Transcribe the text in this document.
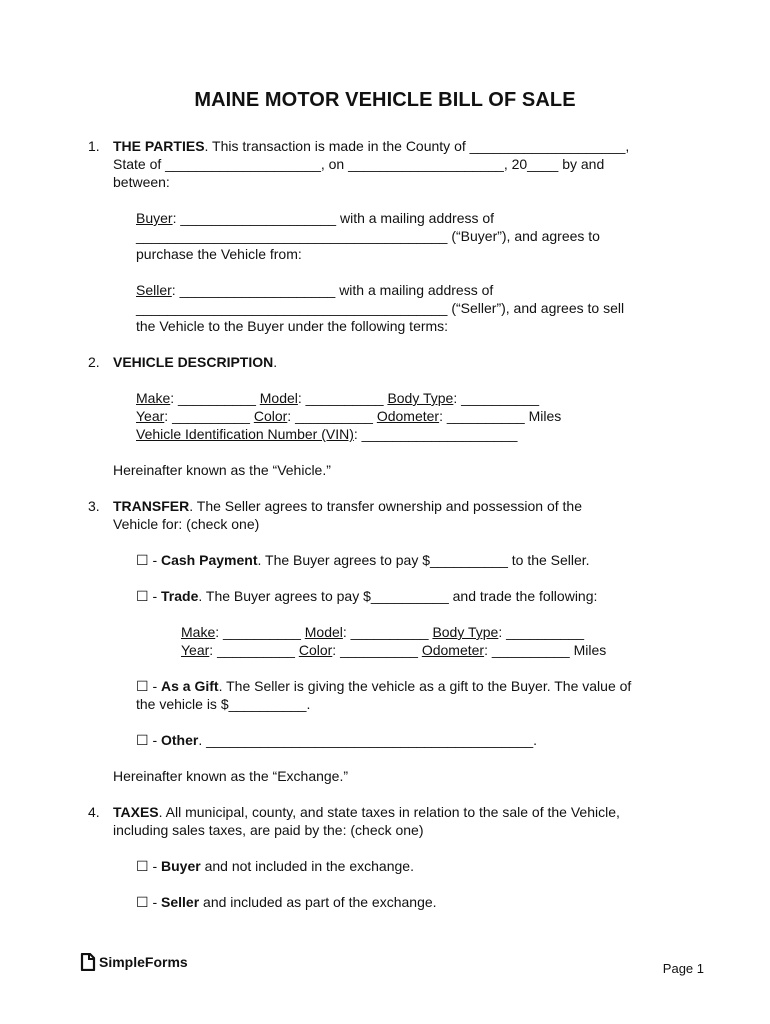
MAINE MOTOR VEHICLE BILL OF SALE
1. THE PARTIES. This transaction is made in the County of ____________________,
State of ____________________, on ____________________, 20____ by and
between:
Buyer: ____________________ with a mailing address of
________________________________________ (“Buyer”), and agrees to
purchase the Vehicle from:
Seller: ____________________ with a mailing address of
________________________________________ (“Seller”), and agrees to sell
the Vehicle to the Buyer under the following terms:
2. VEHICLE DESCRIPTION.
Make: __________ Model: __________ Body Type: __________
Year: __________ Color: __________ Odometer: __________ Miles
Vehicle Identification Number (VIN): ____________________
Hereinafter known as the “Vehicle.”
3. TRANSFER. The Seller agrees to transfer ownership and possession of the
Vehicle for: (check one)
☐ - Cash Payment. The Buyer agrees to pay $__________ to the Seller.
☐ - Trade. The Buyer agrees to pay $__________ and trade the following:
Make: __________ Model: __________ Body Type: __________
Year: __________ Color: __________ Odometer: __________ Miles
☐ - As a Gift. The Seller is giving the vehicle as a gift to the Buyer. The value of
the vehicle is $__________.
☐ - Other. __________________________________________.
Hereinafter known as the “Exchange.”
4. TAXES. All municipal, county, and state taxes in relation to the sale of the Vehicle,
including sales taxes, are paid by the: (check one)
☐ - Buyer and not included in the exchange.
☐ - Seller and included as part of the exchange.
SimpleForms	Page 1
